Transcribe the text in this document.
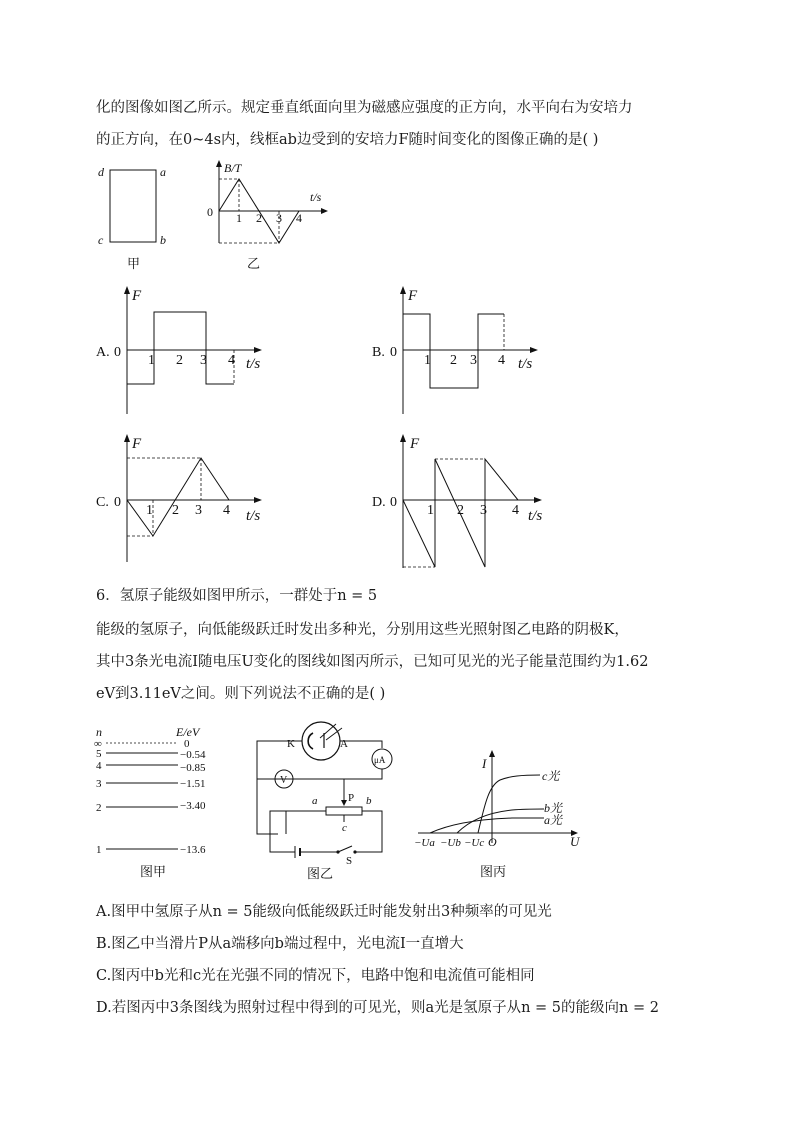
化的图像如图乙所示。规定垂直纸面向里为磁感应强度的正方向，水平向右为安培力
的正方向，在0~4s内，线框ab边受到的安培力F随时间变化的图像正确的是( )
d	a
c	b
甲
B/T
t/s
0 1 2 3 4
乙
A. 0
F
t/s
1 2 3 4
B. 0
F
t/s
1 2 3 4
C. 0
F
t/s
1 2 3 4
D. 0
F
t/s
1 2 3 4
6．氢原子能级如图甲所示，一群处于n = 5
能级的氢原子，向低能级跃迁时发出多种光，分别用这些光照射图乙电路的阴极K，
其中3条光电流I随电压U变化的图线如图丙所示，已知可见光的光子能量范围约为1.62
eV到3.11eV之间。则下列说法不正确的是( )
n	E/eV
∞	0
5	−0.54
4	−0.85
3	−1.51
2	−3.40
1	−13.6
图甲
K	A
μA
V
P
a	b
c
S
图乙
I
U
O
c光
b光
a光
−Ua −Ub −Uc
图丙
A.图甲中氢原子从n = 5能级向低能级跃迁时能发射出3种频率的可见光
B.图乙中当滑片P从a端移向b端过程中，光电流I一直增大
C.图丙中b光和c光在光强不同的情况下，电路中饱和电流值可能相同
D.若图丙中3条图线为照射过程中得到的可见光，则a光是氢原子从n = 5的能级向n = 2
